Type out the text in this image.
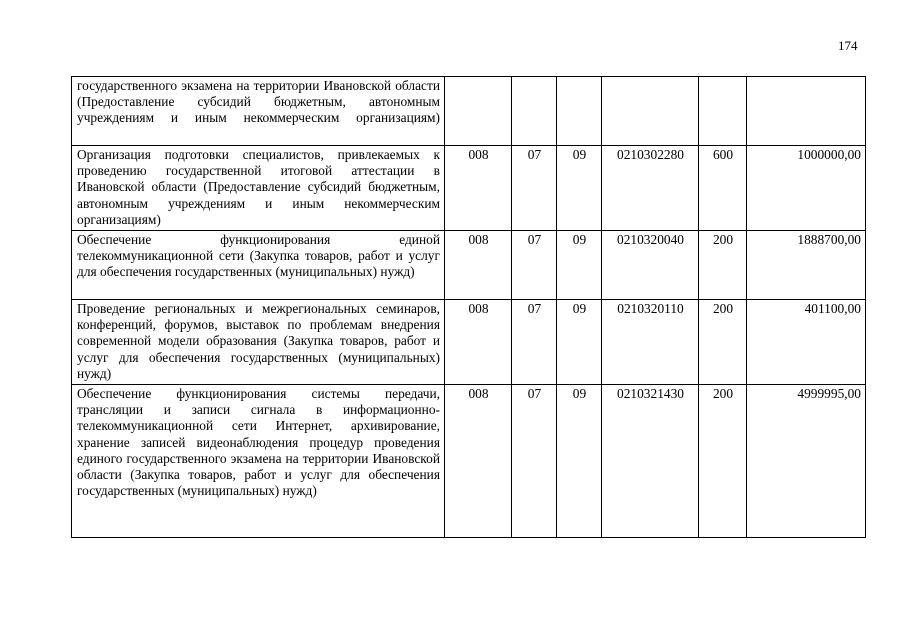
174
государственного экзамена на территории Ивановской области (Предоставление субсидий бюджетным, автономным учреждениям и иным некоммерческим организациям)						
Организация подготовки специалистов, привлекаемых к проведению государственной итоговой аттестации в Ивановской области (Предоставление субсидий бюджетным, автономным учреждениям и иным некоммерческим организациям)	008	07	09	0210302280	600	1000000,00
Обеспечение функционирования единой телекоммуникационной сети (Закупка товаров, работ и услуг для обеспечения государственных (муниципальных) нужд)	008	07	09	0210320040	200	1888700,00
Проведение региональных и межрегиональных семинаров, конференций, форумов, выставок по проблемам внедрения современной модели образования (Закупка товаров, работ и услуг для обеспечения государственных (муниципальных) нужд)	008	07	09	0210320110	200	401100,00
Обеспечение функционирования системы передачи, трансляции и записи сигнала в информационно-телекоммуникационной сети Интернет, архивирование, хранение записей видеонаблюдения процедур проведения единого государственного экзамена на территории Ивановской области (Закупка товаров, работ и услуг для обеспечения государственных (муниципальных) нужд)	008	07	09	0210321430	200	4999995,00
